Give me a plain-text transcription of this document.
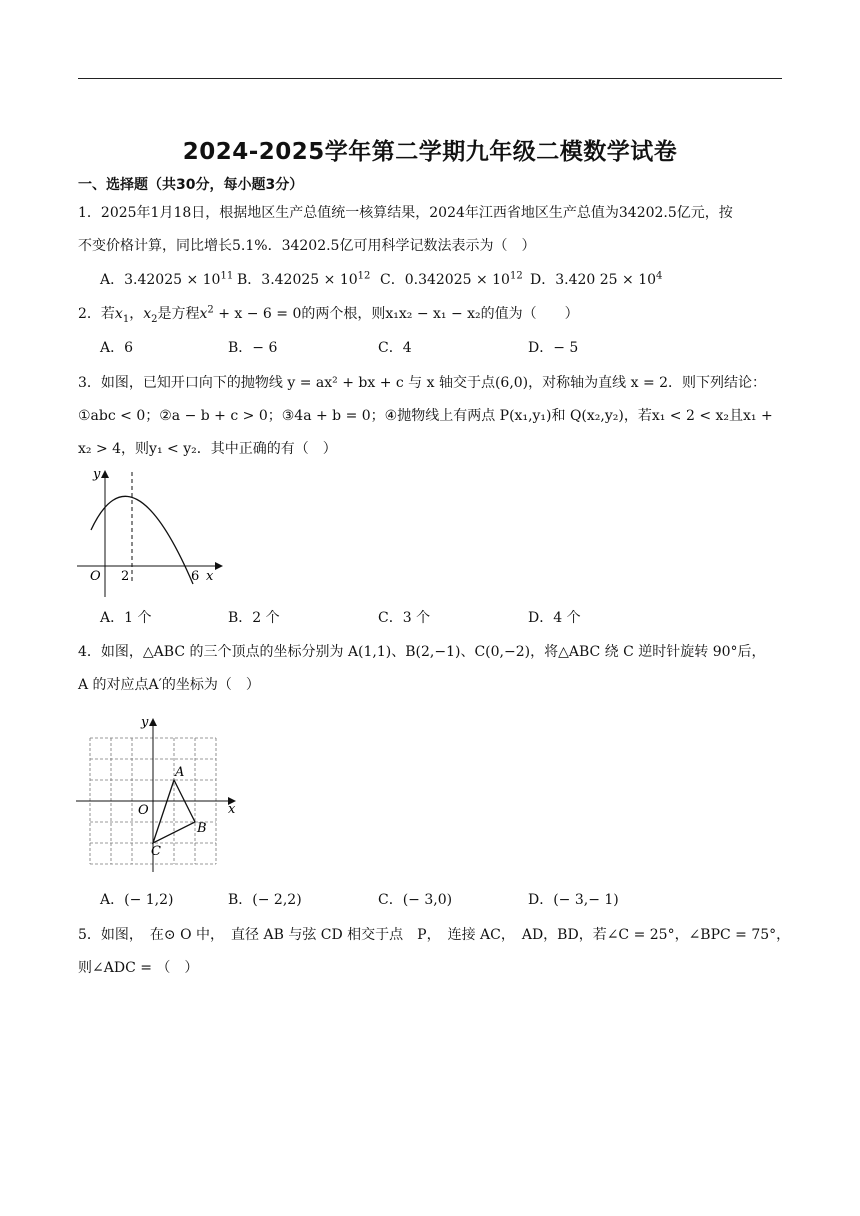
2024-2025学年第二学期九年级二模数学试卷
一、选择题（共30分，每小题3分）
1．2025年1月18日，根据地区生产总值统一核算结果，2024年江西省地区生产总值为34202.5亿元，按
不变价格计算，同比增长5.1%．34202.5亿可用科学记数法表示为（　）
A．$3.42025 \times 10^{11}$ B．$3.42025 \times 10^{12}$ C．$0.342025 \times 10^{12}$ D．3.420 $25 \times 10^4$
2．若$x_1$，$x_2$是方程$x^2 + x - 6 = 0$的两个根，则x₁x₂ − x₁ − x₂的值为（　　）
A．6	B．− 6	C．4	D．− 5
3．如图，已知开口向下的抛物线 y = ax² + bx + c 与 x 轴交于点(6,0)，对称轴为直线 x = 2．则下列结论：
①abc < 0；②a − b + c > 0；③4a + b = 0；④抛物线上有两点 P(x₁,y₁)和 Q(x₂,y₂)，若x₁ < 2 < x₂且x₁ +
x₂ > 4，则y₁ < y₂．其中正确的有（　）
y
O 2	6 x
A．1 个	B．2 个	C．3 个	D．4 个
4．如图，△ABC 的三个顶点的坐标分别为 A(1,1)、B(2,−1)、C(0,−2)，将△ABC 绕 C 逆时针旋转 90°后，
A 的对应点A′的坐标为（　）
y
x
O
A
B
C
A．(− 1,2)	B．(− 2,2)	C．(− 3,0)	D．(− 3,− 1)
5．如图，　在⊙ O 中，　直径 AB 与弦 CD 相交于点　P，　连接 AC，　AD，BD，若∠C = 25°，∠BPC = 75°，
则∠ADC = （　）
